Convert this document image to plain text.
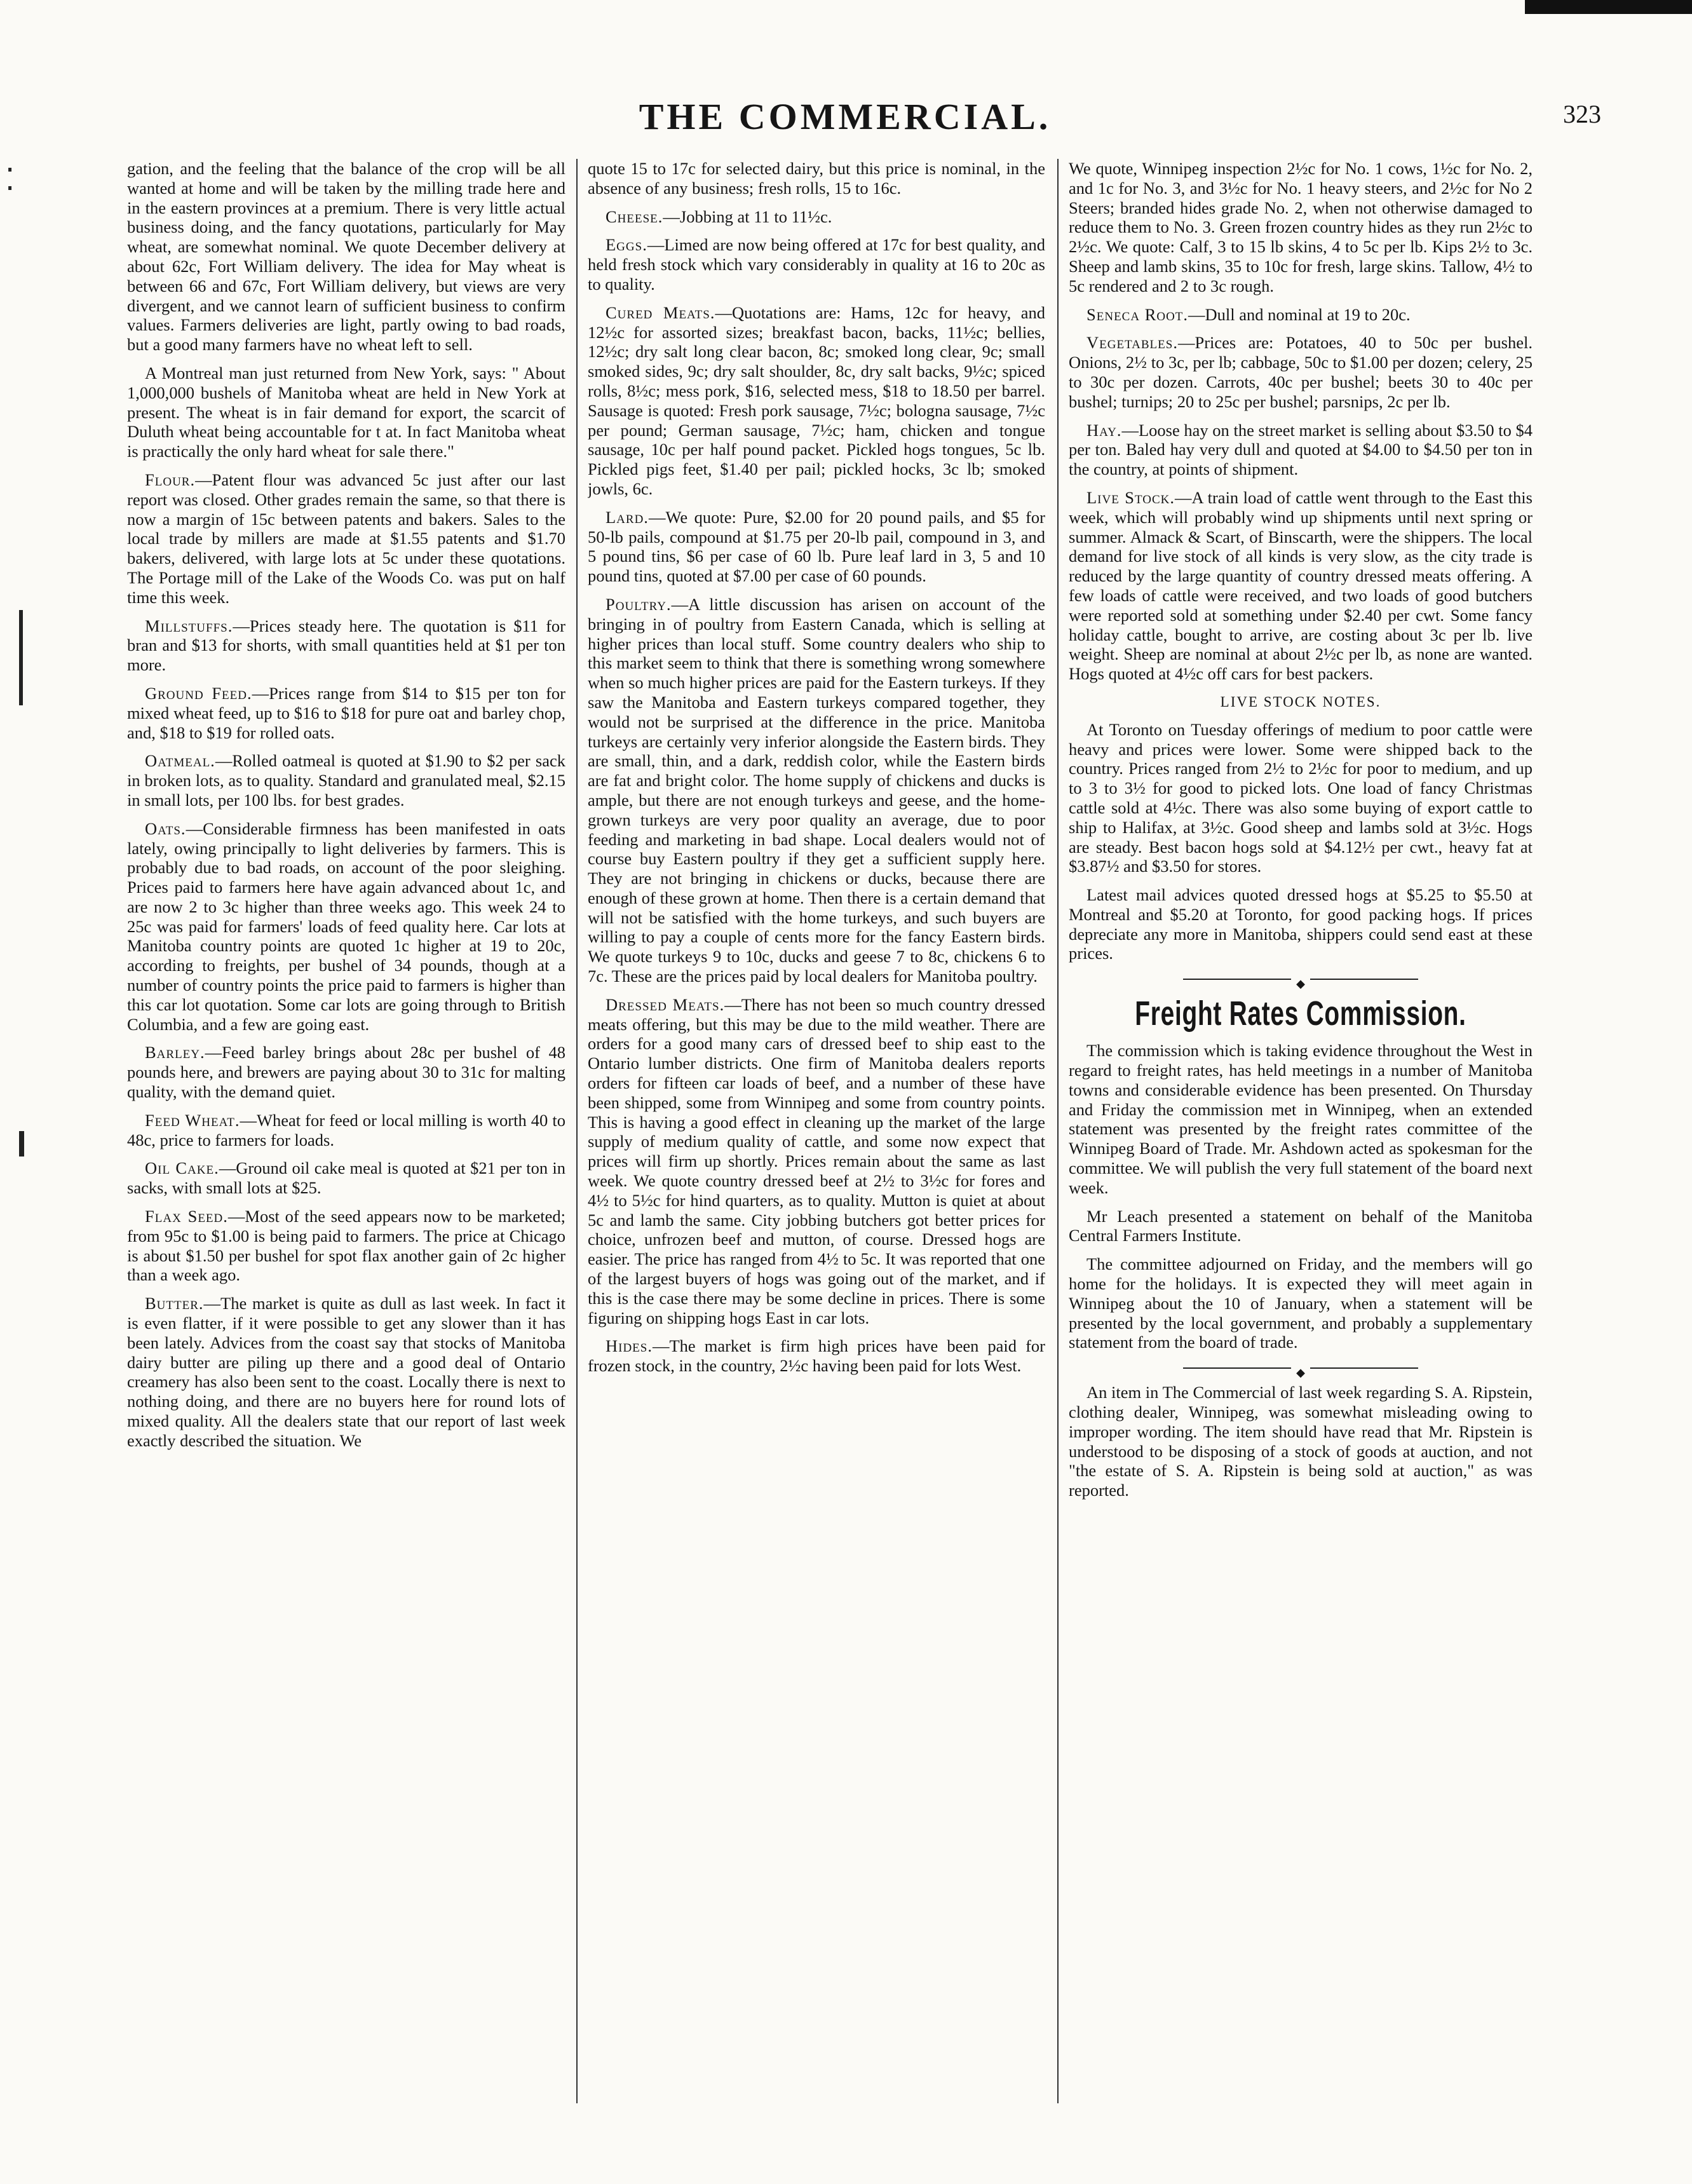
THE COMMERCIAL.	323
⁚	gation, and the feeling that the balance of the crop will be all wanted at home and will be taken by the milling trade here and in the eastern provinces at a premium. There is very little actual business doing, and the fancy quotations, particularly for May wheat, are somewhat nominal. We quote December delivery at about 62c, Fort William delivery. The idea for May wheat is between 66 and 67c, Fort William delivery, but views are very divergent, and we cannot learn of sufficient business to confirm values. Farmers deliveries are light, partly owing to bad roads, but a good many farmers have no wheat left to sell.

A Montreal man just returned from New York, says: " About 1,000,000 bushels of Manitoba wheat are held in New York at present. The wheat is in fair demand for export, the scarcit of Duluth wheat being accountable for t at. In fact Manitoba wheat is practically the only hard wheat for sale there."

Flour.—Patent flour was advanced 5c just after our last report was closed. Other grades remain the same, so that there is now a margin of 15c between patents and bakers. Sales to the local trade by millers are made at $1.55 patents and $1.70 bakers, delivered, with large lots at 5c under these quotations. The Portage mill of the Lake of the Woods Co. was put on half time this week.

Millstuffs.—Prices steady here. The quotation is $11 for bran and $13 for shorts, with small quantities held at $1 per ton more.

Ground Feed.—Prices range from $14 to $15 per ton for mixed wheat feed, up to $16 to $18 for pure oat and barley chop, and, $18 to $19 for rolled oats.

Oatmeal.—Rolled oatmeal is quoted at $1.90 to $2 per sack in broken lots, as to quality. Standard and granulated meal, $2.15 in small lots, per 100 lbs. for best grades.

Oats.—Considerable firmness has been manifested in oats lately, owing principally to light deliveries by farmers. This is probably due to bad roads, on account of the poor sleighing. Prices paid to farmers here have again advanced about 1c, and are now 2 to 3c higher than three weeks ago. This week 24 to 25c was paid for farmers' loads of feed quality here. Car lots at Manitoba country points are quoted 1c higher at 19 to 20c, according to freights, per bushel of 34 pounds, though at a number of country points the price paid to farmers is higher than this car lot quotation. Some car lots are going through to British Columbia, and a few are going east.

Barley.—Feed barley brings about 28c per bushel of 48 pounds here, and brewers are paying about 30 to 31c for malting quality, with the demand quiet.

Feed Wheat.—Wheat for feed or local milling is worth 40 to 48c, price to farmers for loads.

Oil Cake.—Ground oil cake meal is quoted at $21 per ton in sacks, with small lots at $25.

Flax Seed.—Most of the seed appears now to be marketed; from 95c to $1.00 is being paid to farmers. The price at Chicago is about $1.50 per bushel for spot flax another gain of 2c higher than a week ago.

Butter.—The market is quite as dull as last week. In fact it is even flatter, if it were possible to get any slower than it has been lately. Advices from the coast say that stocks of Manitoba dairy butter are piling up there and a good deal of Ontario creamery has also been sent to the coast. Locally there is next to nothing doing, and there are no buyers here for round lots of mixed quality. All the dealers state that our report of last week exactly described the situation. We

quote 15 to 17c for selected dairy, but this price is nominal, in the absence of any business; fresh rolls, 15 to 16c.

Cheese.—Jobbing at 11 to 11½c.

Eggs.—Limed are now being offered at 17c for best quality, and held fresh stock which vary considerably in quality at 16 to 20c as to quality.

Cured Meats.—Quotations are: Hams, 12c for heavy, and 12½c for assorted sizes; breakfast bacon, backs, 11½c; bellies, 12½c; dry salt long clear bacon, 8c; smoked long clear, 9c; small smoked sides, 9c; dry salt shoulder, 8c, dry salt backs, 9½c; spiced rolls, 8½c; mess pork, $16, selected mess, $18 to 18.50 per barrel. Sausage is quoted: Fresh pork sausage, 7½c; bologna sausage, 7½c per pound; German sausage, 7½c; ham, chicken and tongue sausage, 10c per half pound packet. Pickled hogs tongues, 5c lb. Pickled pigs feet, $1.40 per pail; pickled hocks, 3c lb; smoked jowls, 6c.

Lard.—We quote: Pure, $2.00 for 20 pound pails, and $5 for 50-lb pails, compound at $1.75 per 20-lb pail, compound in 3, and 5 pound tins, $6 per case of 60 lb. Pure leaf lard in 3, 5 and 10 pound tins, quoted at $7.00 per case of 60 pounds.

Poultry.—A little discussion has arisen on account of the bringing in of poultry from Eastern Canada, which is selling at higher prices than local stuff. Some country dealers who ship to this market seem to think that there is something wrong somewhere when so much higher prices are paid for the Eastern turkeys. If they saw the Manitoba and Eastern turkeys compared together, they would not be surprised at the difference in the price. Manitoba turkeys are certainly very inferior alongside the Eastern birds. They are small, thin, and a dark, reddish color, while the Eastern birds are fat and bright color. The home supply of chickens and ducks is ample, but there are not enough turkeys and geese, and the home-grown turkeys are very poor quality an average, due to poor feeding and marketing in bad shape. Local dealers would not of course buy Eastern poultry if they get a sufficient supply here. They are not bringing in chickens or ducks, because there are enough of these grown at home. Then there is a certain demand that will not be satisfied with the home turkeys, and such buyers are willing to pay a couple of cents more for the fancy Eastern birds. We quote turkeys 9 to 10c, ducks and geese 7 to 8c, chickens 6 to 7c. These are the prices paid by local dealers for Manitoba poultry.

Dressed Meats.—There has not been so much country dressed meats offering, but this may be due to the mild weather. There are orders for a good many cars of dressed beef to ship east to the Ontario lumber districts. One firm of Manitoba dealers reports orders for fifteen car loads of beef, and a number of these have been shipped, some from Winnipeg and some from country points. This is having a good effect in cleaning up the market of the large supply of medium quality of cattle, and some now expect that prices will firm up shortly. Prices remain about the same as last week. We quote country dressed beef at 2½ to 3½c for fores and 4½ to 5½c for hind quarters, as to quality. Mutton is quiet at about 5c and lamb the same. City jobbing butchers got better prices for choice, unfrozen beef and mutton, of course. Dressed hogs are easier. The price has ranged from 4½ to 5c. It was reported that one of the largest buyers of hogs was going out of the market, and if this is the case there may be some decline in prices. There is some figuring on shipping hogs East in car lots.

Hides.—The market is firm high prices have been paid for frozen stock, in the country, 2½c having been paid for lots West.

We quote, Winnipeg inspection 2½c for No. 1 cows, 1½c for No. 2, and 1c for No. 3, and 3½c for No. 1 heavy steers, and 2½c for No 2 Steers; branded hides grade No. 2, when not otherwise damaged to reduce them to No. 3. Green frozen country hides as they run 2½c to 2½c. We quote: Calf, 3 to 15 lb skins, 4 to 5c per lb. Kips 2½ to 3c. Sheep and lamb skins, 35 to 10c for fresh, large skins. Tallow, 4½ to 5c rendered and 2 to 3c rough.

Seneca Root.—Dull and nominal at 19 to 20c.

Vegetables.—Prices are: Potatoes, 40 to 50c per bushel. Onions, 2½ to 3c, per lb; cabbage, 50c to $1.00 per dozen; celery, 25 to 30c per dozen. Carrots, 40c per bushel; beets 30 to 40c per bushel; turnips; 20 to 25c per bushel; parsnips, 2c per lb.

Hay.—Loose hay on the street market is selling about $3.50 to $4 per ton. Baled hay very dull and quoted at $4.00 to $4.50 per ton in the country, at points of shipment.

Live Stock.—A train load of cattle went through to the East this week, which will probably wind up shipments until next spring or summer. Almack & Scart, of Binscarth, were the shippers. The local demand for live stock of all kinds is very slow, as the city trade is reduced by the large quantity of country dressed meats offering. A few loads of cattle were received, and two loads of good butchers were reported sold at something under $2.40 per cwt. Some fancy holiday cattle, bought to arrive, are costing about 3c per lb. live weight. Sheep are nominal at about 2½c per lb, as none are wanted. Hogs quoted at 4½c off cars for best packers.

LIVE STOCK NOTES.

At Toronto on Tuesday offerings of medium to poor cattle were heavy and prices were lower. Some were shipped back to the country. Prices ranged from 2½ to 2½c for poor to medium, and up to 3 to 3½ for good to picked lots. One load of fancy Christmas cattle sold at 4½c. There was also some buying of export cattle to ship to Halifax, at 3½c. Good sheep and lambs sold at 3½c. Hogs are steady. Best bacon hogs sold at $4.12½ per cwt., heavy fat at $3.87½ and $3.50 for stores.

Latest mail advices quoted dressed hogs at $5.25 to $5.50 at Montreal and $5.20 at Toronto, for good packing hogs. If prices depreciate any more in Manitoba, shippers could send east at these prices.

◆
Freight Rates Commission.

The commission which is taking evidence throughout the West in regard to freight rates, has held meetings in a number of Manitoba towns and considerable evidence has been presented. On Thursday and Friday the commission met in Winnipeg, when an extended statement was presented by the freight rates committee of the Winnipeg Board of Trade. Mr. Ashdown acted as spokesman for the committee. We will publish the very full statement of the board next week.

Mr Leach presented a statement on behalf of the Manitoba Central Farmers Institute.

The committee adjourned on Friday, and the members will go home for the holidays. It is expected they will meet again in Winnipeg about the 10 of January, when a statement will be presented by the local government, and probably a supplementary statement from the board of trade.

◆

An item in The Commercial of last week regarding S. A. Ripstein, clothing dealer, Winnipeg, was somewhat misleading owing to improper wording. The item should have read that Mr. Ripstein is understood to be disposing of a stock of goods at auction, and not "the estate of S. A. Ripstein is being sold at auction," as was reported.
